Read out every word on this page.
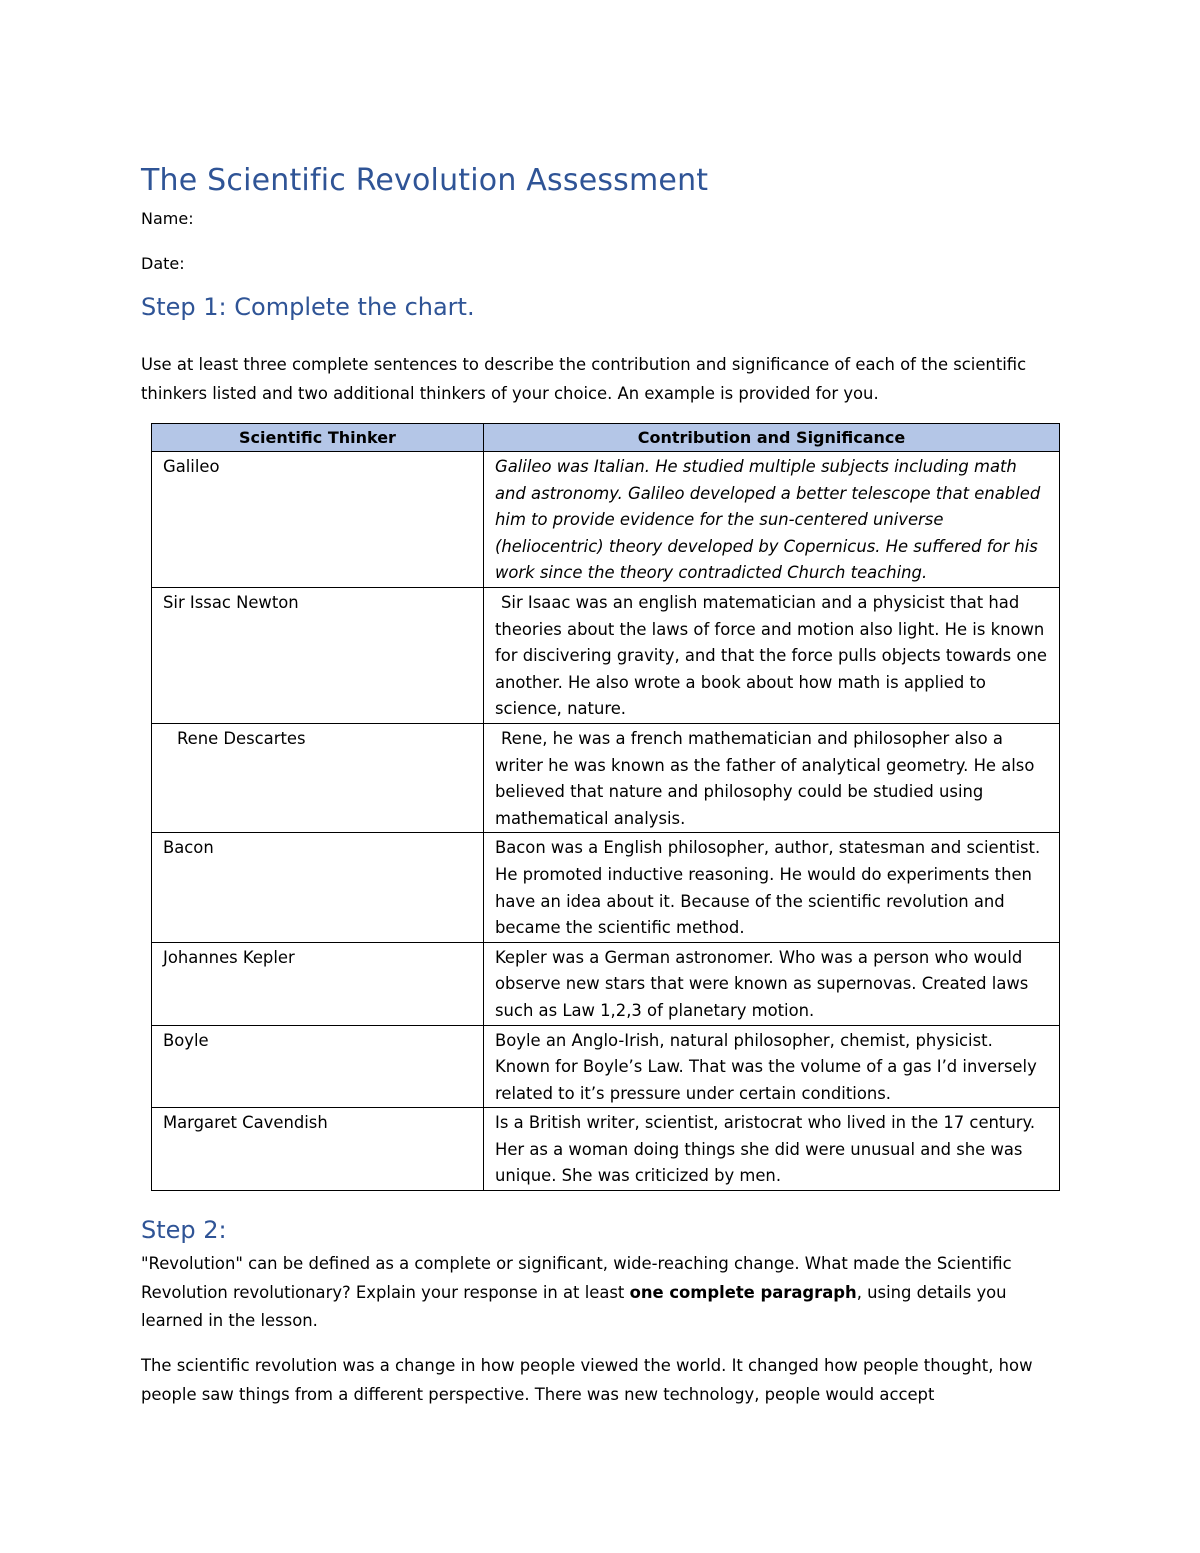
The Scientific Revolution Assessment
Name:
Date:
Step 1: Complete the chart.
Use at least three complete sentences to describe the contribution and significance of each of the scientific thinkers listed and two additional thinkers of your choice. An example is provided for you.
Scientific Thinker	Contribution and Significance
Galileo	Galileo was Italian. He studied multiple subjects including math and astronomy. Galileo developed a better telescope that enabled him to provide evidence for the sun-centered universe (heliocentric) theory developed by Copernicus. He suffered for his work since the theory contradicted Church teaching.
Sir Issac Newton	Sir Isaac was an english matematician and a physicist that had theories about the laws of force and motion also light. He is known for discivering gravity, and that the force pulls objects towards one another. He also wrote a book about how math is applied to science, nature.
Rene Descartes	Rene, he was a french mathematician and philosopher also a writer he was known as the father of analytical geometry. He also believed that nature and philosophy could be studied using mathematical analysis.
Bacon	Bacon was a English philosopher, author, statesman and scientist. He promoted inductive reasoning. He would do experiments then have an idea about it. Because of the scientific revolution and became the scientific method.
Johannes Kepler	Kepler was a German astronomer. Who was a person who would observe new stars that were known as supernovas. Created laws such as Law 1,2,3 of planetary motion.
Boyle	Boyle an Anglo-Irish, natural philosopher, chemist, physicist. Known for Boyle’s Law. That was the volume of a gas I’d inversely related to it’s pressure under certain conditions.
Margaret Cavendish	Is a British writer, scientist, aristocrat who lived in the 17 century. Her as a woman doing things she did were unusual and she was unique. She was criticized by men.
Step 2:
"Revolution" can be defined as a complete or significant, wide-reaching change. What made the Scientific Revolution revolutionary? Explain your response in at least one complete paragraph, using details you learned in the lesson.
The scientific revolution was a change in how people viewed the world. It changed how people thought, how people saw things from a different perspective. There was new technology, people would accept
